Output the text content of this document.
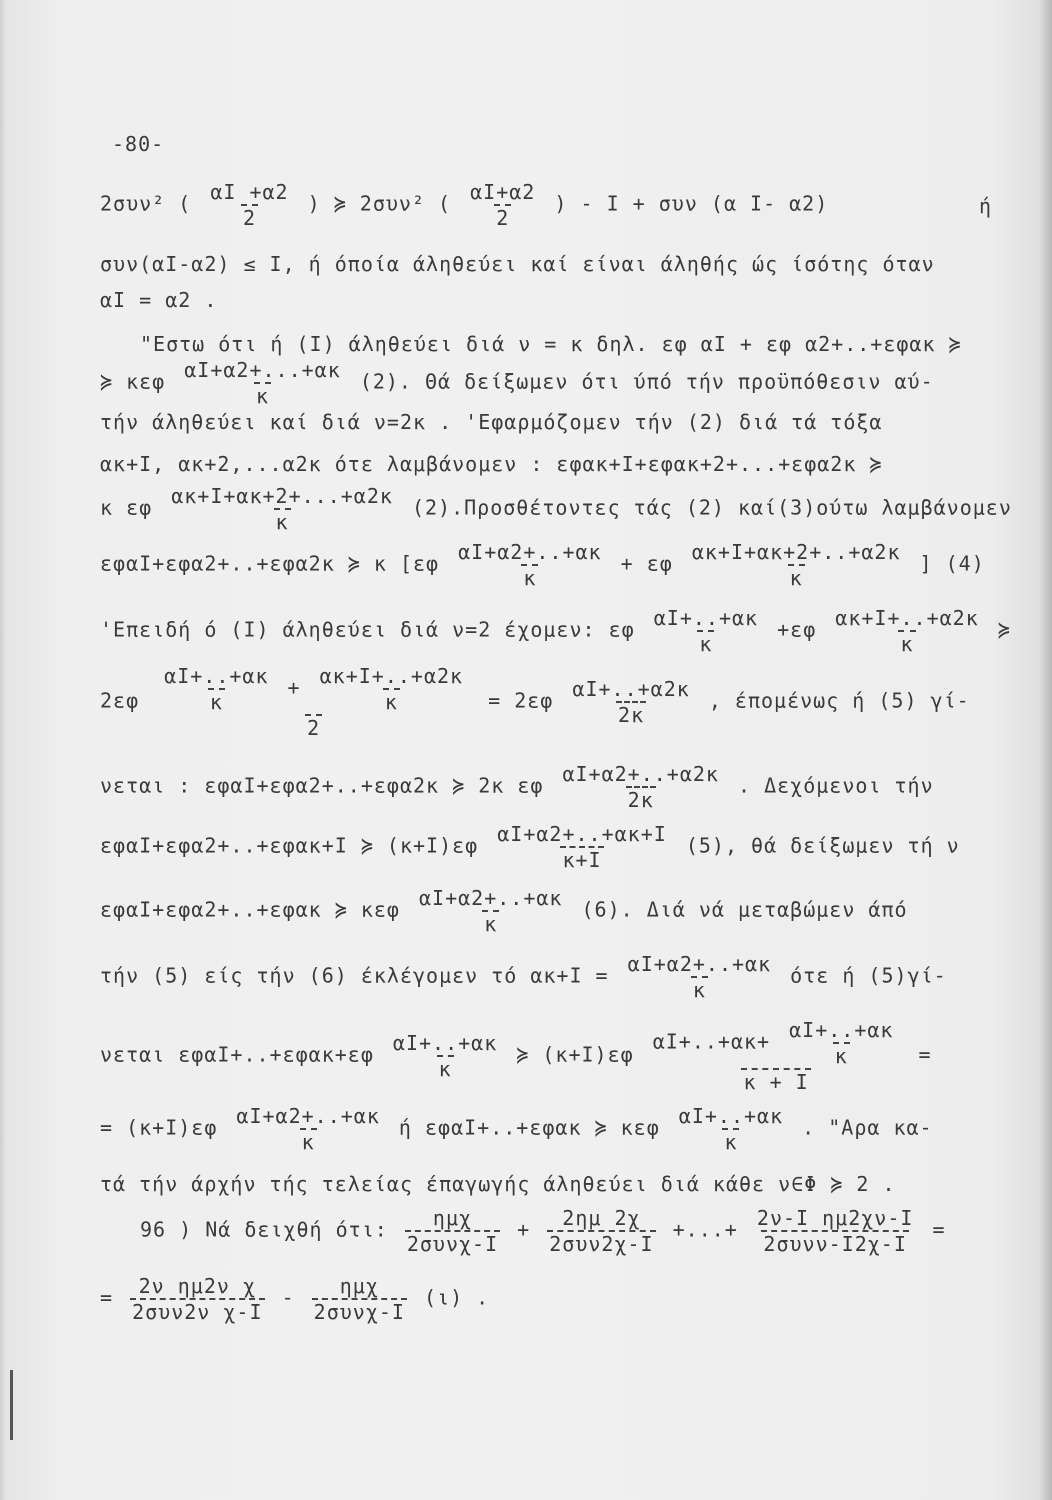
-80-
2συν² ( $\frac{\alpha I +\alpha 2}{2}$ ) ≽ 2συν² ( $\frac{\alpha I+\alpha 2}{2}$ ) - I + συν (α I- α2)	ή
συν(αI-α2) ≤ I, ή όποία άληθεύει καί είναι άληθής ώς ίσότης όταν
αI = α2 .
"Εστω ότι ή (I) άληθεύει διά ν = κ δηλ. εφ αI + εφ α2+..+εφακ ≽
≽ κεφ $\frac{\alpha I+\alpha 2+...+\alpha\kappa}{\kappa} (2)$. Θά δείξωμεν ότι ύπό τήν προϋπόθεσιν αύ-
τήν άληθεύει καί διά ν=2κ . 'Εφαρμόζομεν τήν (2) διά τά τόξα
ακ+I, ακ+2,...α2κ ότε λαμβάνομεν : εφακ+I+εφακ+2+...+εφα2κ ≽
κ εφ $\frac{\alpha\kappa+I+\alpha\kappa+2+...+\alpha 2\kappa}{\kappa} (2).\Pi\rho o\sigma\theta έ\tau o\nu\tau\varepsilon\varsigma$ τάς (2) καί(3)ούτω λαμβάνομεν
εφαI+εφα2+..+εφα2κ ≽ κ [$\varepsilon\varphi \frac{\alpha I+\alpha 2+..+\alpha\kappa}{\kappa} + \varepsilon\varphi \frac{\alpha\kappa+I+\alpha\kappa+2+..+\alpha 2\kappa}{\kappa}$ ] (4)
'Επειδή ό (I) άληθεύει διά ν=2 έχομεν: εφ $\frac{\alpha I+..+\alpha\kappa}{\kappa} +\varepsilon\varphi \frac{\alpha\kappa+I+..+\alpha 2\kappa}{\kappa}$ ≽
$2\varepsilon\varphi \frac{\frac{\alpha I+..+\alpha\kappa}{\kappa} + \frac{\alpha\kappa+I+..+\alpha 2\kappa}{\kappa}}{2} = 2\varepsilon\varphi \frac{\alpha I+..+\alpha 2\kappa}{2\kappa}$ , έπομένως ή (5) γί-
νεται : εφαI+εφα2+..+εφα2κ ≽ 2κ εφ $\frac{\alpha I+\alpha 2+..+\alpha 2\kappa}{2\kappa}$ . Δεχόμενοι τήν
εφαI+εφα2+..+εφακ+I ≽ $(\kappa+I)\varepsilon\varphi \frac{\alpha I+\alpha 2+..+\alpha\kappa+I}{\kappa+I} (5)$, θά δείξωμεν τή ν
εφαI+εφα2+..+εφακ ≽ κεφ $\frac{\alpha I+\alpha 2+..+\alpha\kappa}{\kappa} (6)$. Διά νά μεταβώμεν άπό
τήν (5) είς τήν (6) έκλέγομεν τό $\alpha\kappa+I = \frac{\alpha I+\alpha 2+..+\alpha\kappa}{\kappa}$ ότε ή (5)γί-
νεται $\varepsilon\varphi\alpha I+..+\varepsilon\varphi\alpha\kappa+\varepsilon\varphi \frac{\alpha I+..+\alpha\kappa}{\kappa}$ ≽ $(\kappa+I)\varepsilon\varphi \frac{\alpha I+..+\alpha\kappa+ \frac{\alpha I+..+\alpha\kappa}{\kappa}}{\kappa + I}$ =
= $(\kappa+I)\varepsilon\varphi \frac{\alpha I+\alpha 2+..+\alpha\kappa}{\kappa}$ ή εφαI+..+εφακ ≽ κεφ $\frac{\alpha I+..+\alpha\kappa}{\kappa}$ . "Αρα κα-
τά τήν άρχήν τής τελείας έπαγωγής άληθεύει διά κάθε ν∈Φ ≽ 2 .
96 ) Νά δειχθή ότι: $\frac{\text{ημχ}}{\text{2συνχ-I}} + \frac{2\eta\mu 2\chi}{\text{2συν2χ-I}}$ +...+ $\frac{\text{2ν-I ημ2χν-I}}{\text{2συνν-I2χ-I}}$ =
= $\frac{\text{2ν ημ2ν χ}}{\text{2συν2ν χ-I}} - \frac{\text{ημχ}}{\text{2συνχ-I}} (\iota)$ .
